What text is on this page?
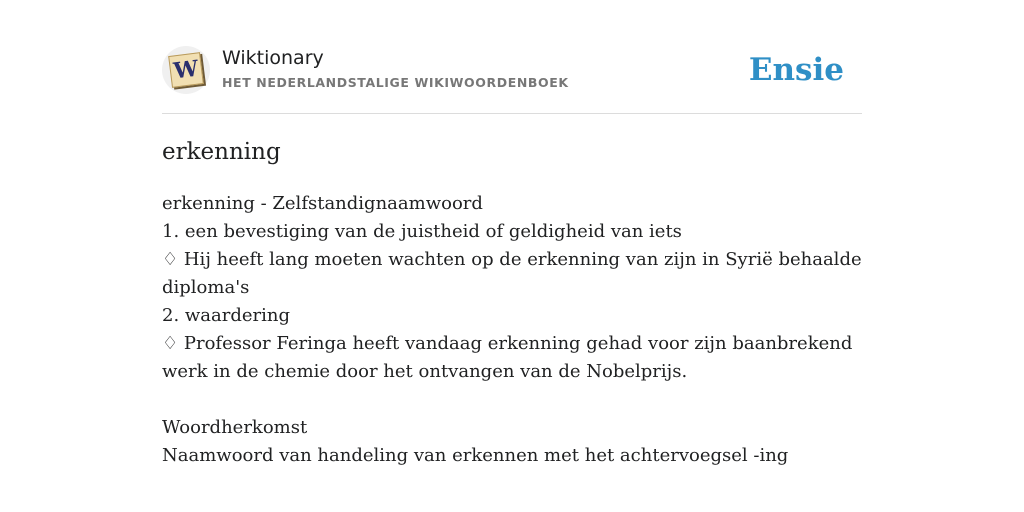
W Wiktionary
HET NEDERLANDSTALIGE WIKIWOORDENBOEK	Ensie
erkenning

erkenning - Zelfstandignaamwoord

1. een bevestiging van de juistheid of geldigheid van iets

♢ Hij heeft lang moeten wachten op de erkenning van zijn in Syrië behaalde diploma's

2. waardering

♢ Professor Feringa heeft vandaag erkenning gehad voor zijn baanbrekend werk in de chemie door het ontvangen van de Nobelprijs.

Woordherkomst

Naamwoord van handeling van erkennen met het achtervoegsel -ing
